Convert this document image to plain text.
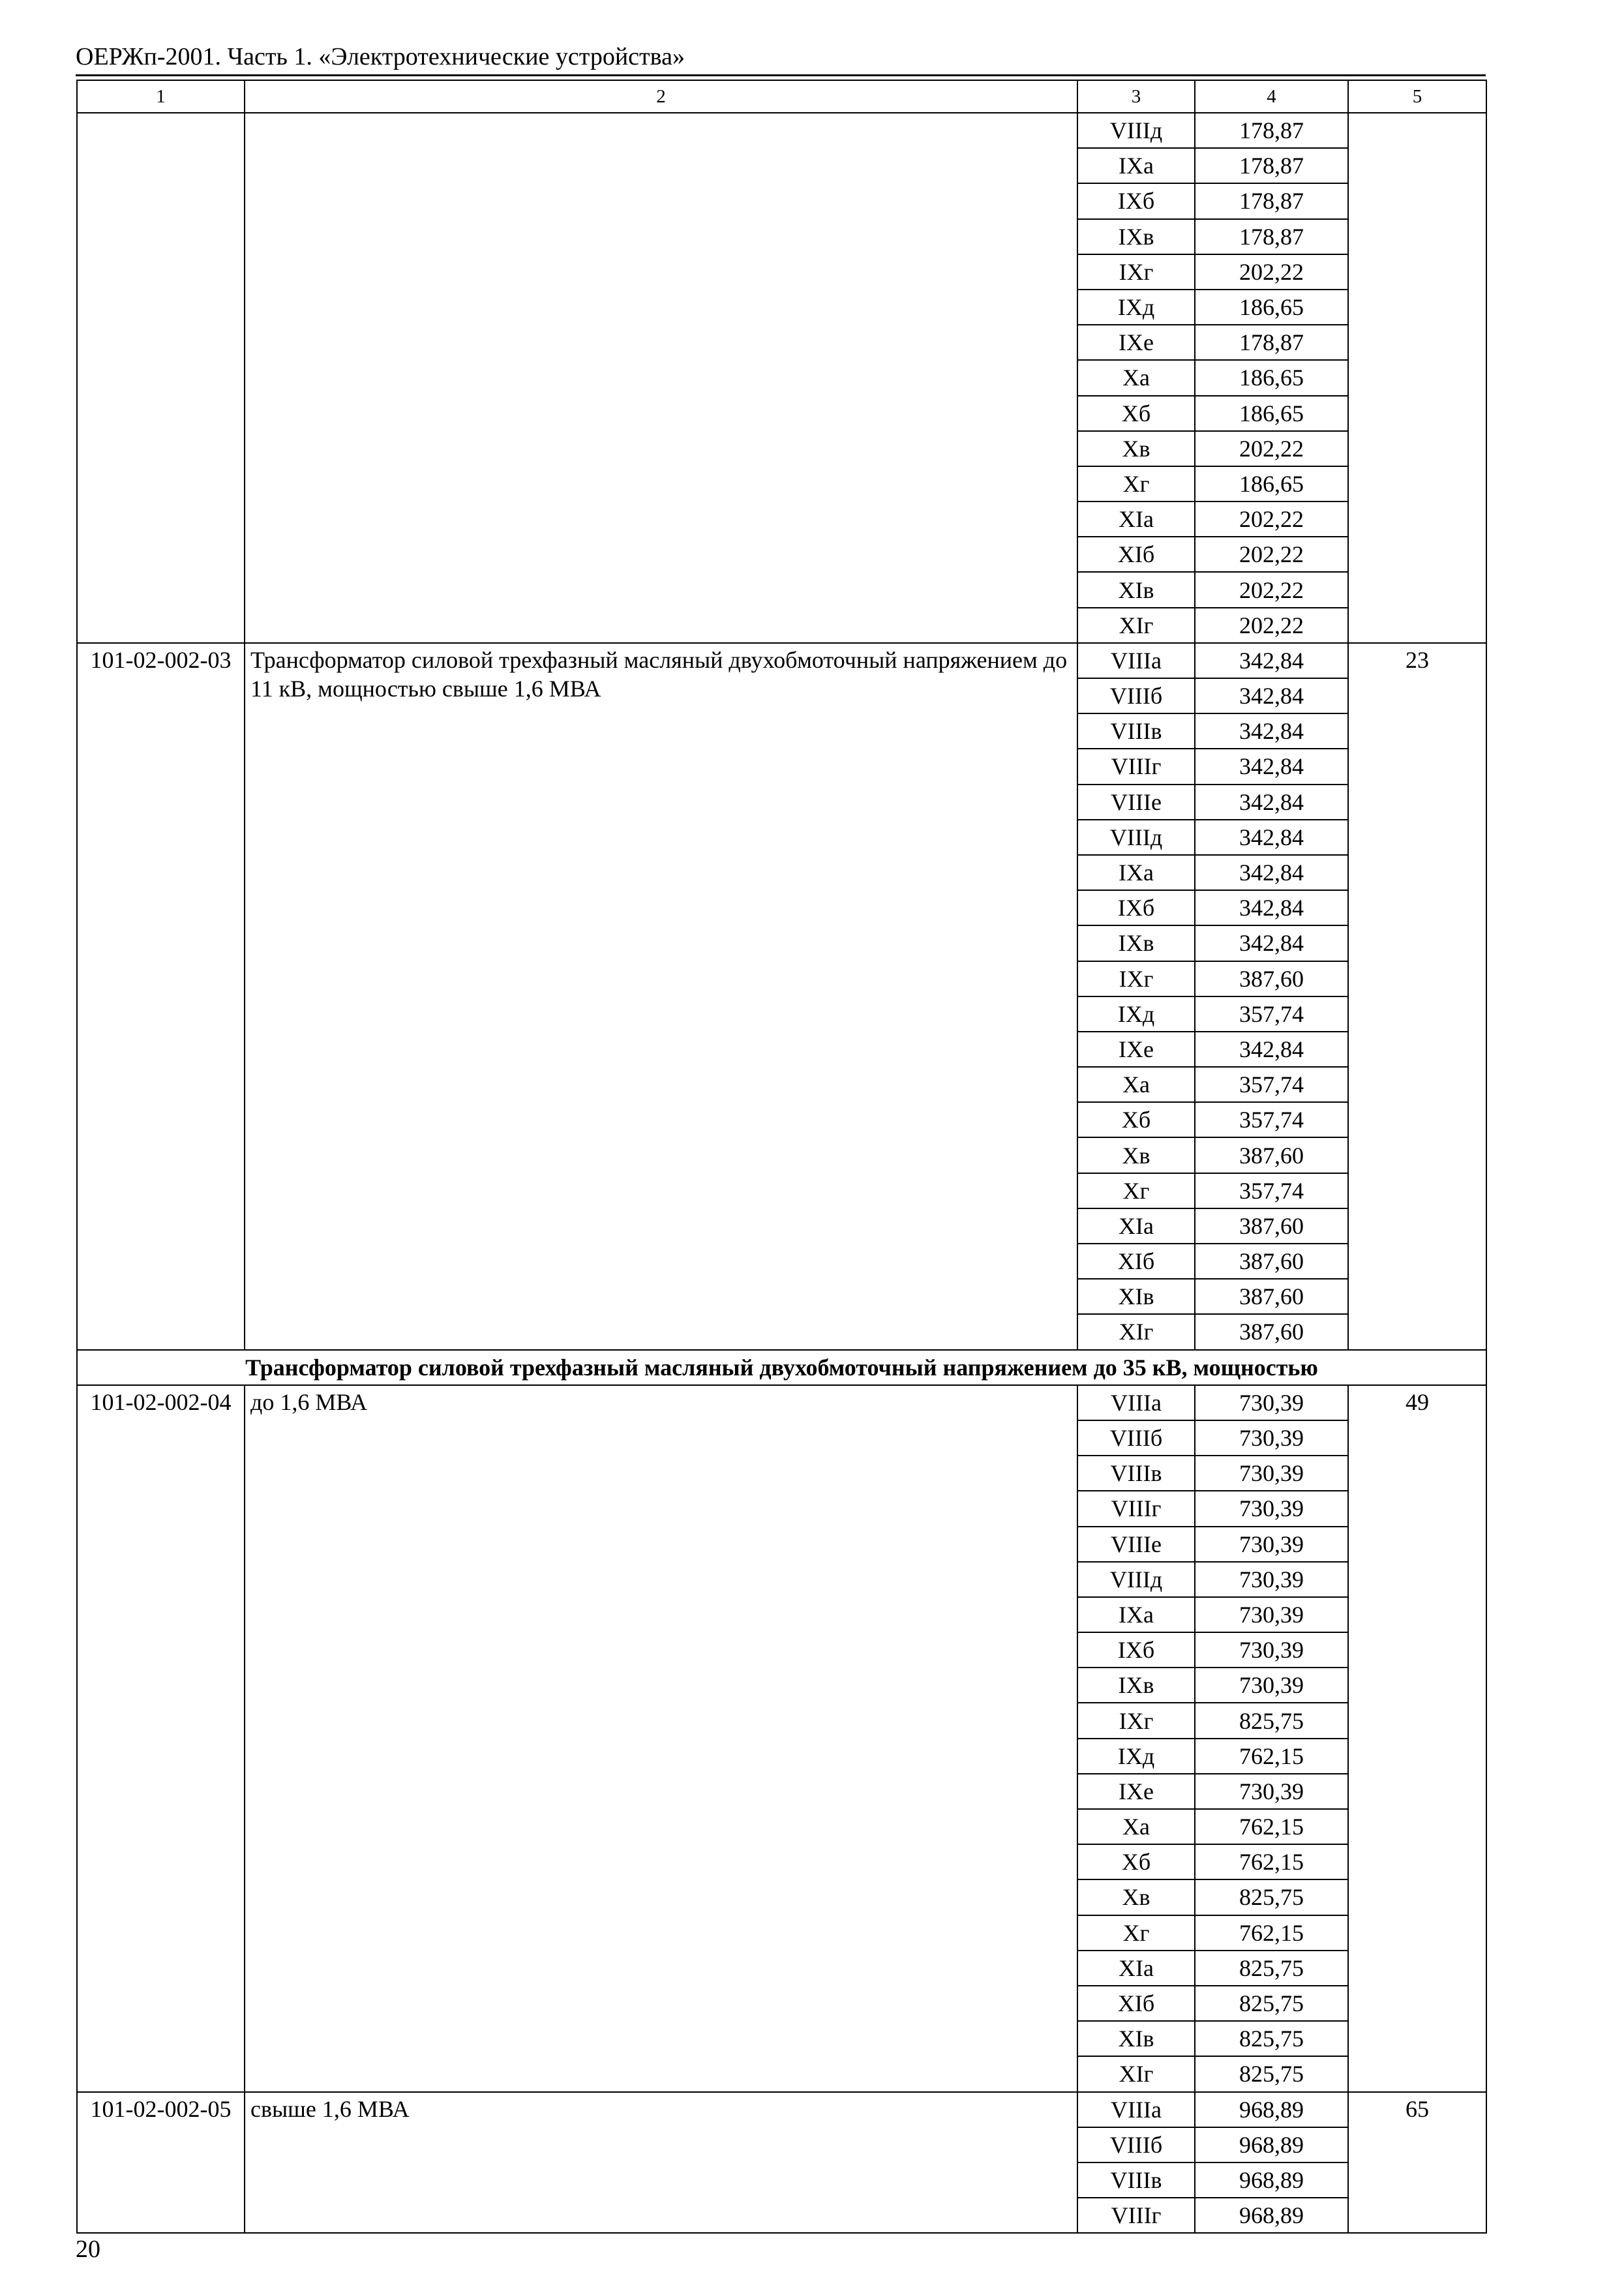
ОЕРЖп-2001. Часть 1. «Электротехнические устройства»
1	2	3	4	5
		VIIIд	178,87	
		IXa	178,87	
		IXб	178,87	
		IXв	178,87	
		IXг	202,22	
		IXд	186,65	
		IXe	178,87	
		Xa	186,65	
		Xб	186,65	
		Xв	202,22	
		Xг	186,65	
		XIa	202,22	
		XIб	202,22	
		XIв	202,22	
		XIг	202,22	
101-02-002-03	Трансформатор силовой трехфазный масляный двухобмоточный напряжением до 11 кВ, мощностью свыше 1,6 МВА	VIIIa	342,84	23
		VIIIб	342,84	
		VIIIв	342,84	
		VIIIг	342,84	
		VIIIe	342,84	
		VIIIд	342,84	
		IXa	342,84	
		IXб	342,84	
		IXв	342,84	
		IXг	387,60	
		IXд	357,74	
		IXe	342,84	
		Xa	357,74	
		Xб	357,74	
		Xв	387,60	
		Xг	357,74	
		XIa	387,60	
		XIб	387,60	
		XIв	387,60	
		XIг	387,60	
Трансформатор силовой трехфазный масляный двухобмоточный напряжением до 35 кВ, мощностью				
101-02-002-04	до 1,6 МВА	VIIIa	730,39	49
		VIIIб	730,39	
		VIIIв	730,39	
		VIIIг	730,39	
		VIIIe	730,39	
		VIIIд	730,39	
		IXa	730,39	
		IXб	730,39	
		IXв	730,39	
		IXг	825,75	
		IXд	762,15	
		IXe	730,39	
		Xa	762,15	
		Xб	762,15	
		Xв	825,75	
		Xг	762,15	
		XIa	825,75	
		XIб	825,75	
		XIв	825,75	
		XIг	825,75	
101-02-002-05	свыше 1,6 МВА	VIIIa	968,89	65
		VIIIб	968,89	
		VIIIв	968,89	
		VIIIг	968,89	
20
